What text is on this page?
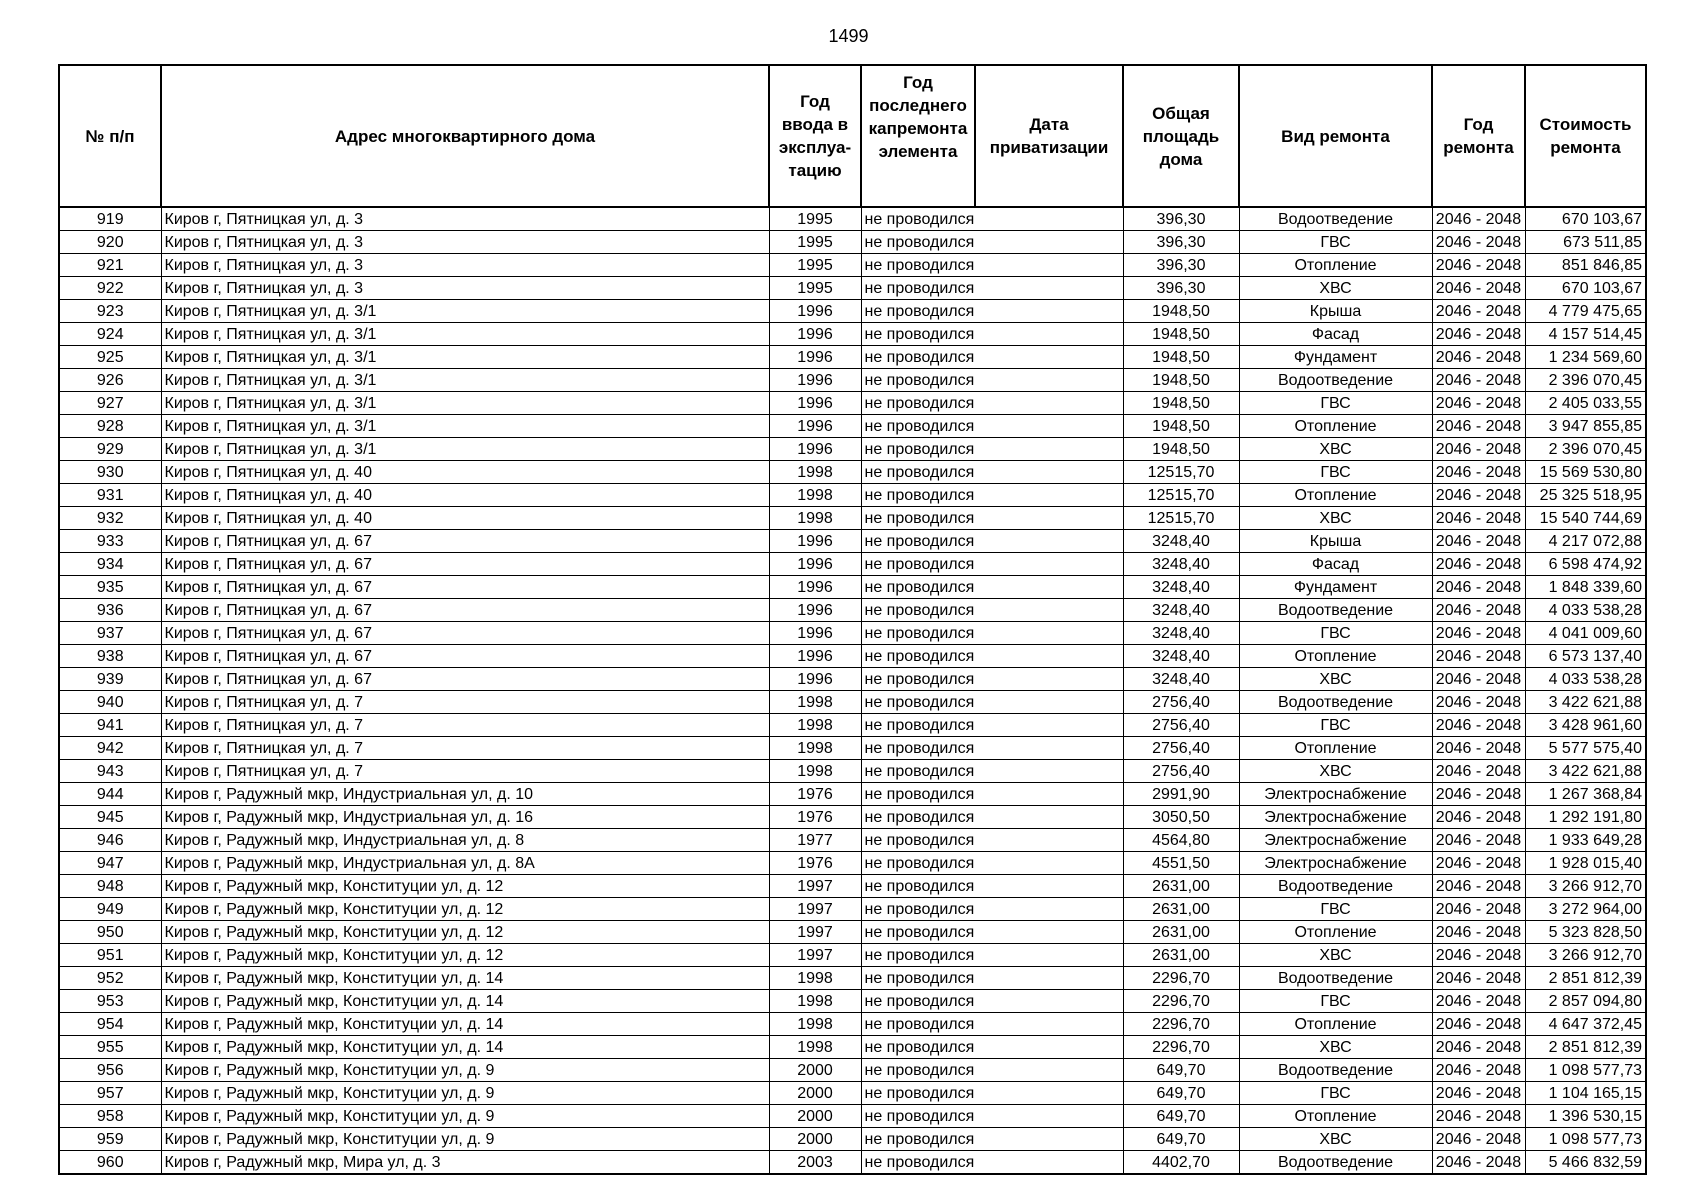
1499
№ п/п	Адрес многоквартирного дома	Год ввода в эксплуа-тацию	Год последнего капремонта элемента	Дата приватизации	Общая площадь дома	Вид ремонта	Год ремонта	Стоимость ремонта
919	Киров г, Пятницкая ул, д. 3	1995	не проводился		396,30	Водоотведение	2046 - 2048	670 103,67
920	Киров г, Пятницкая ул, д. 3	1995	не проводился		396,30	ГВС	2046 - 2048	673 511,85
921	Киров г, Пятницкая ул, д. 3	1995	не проводился		396,30	Отопление	2046 - 2048	851 846,85
922	Киров г, Пятницкая ул, д. 3	1995	не проводился		396,30	ХВС	2046 - 2048	670 103,67
923	Киров г, Пятницкая ул, д. 3/1	1996	не проводился		1948,50	Крыша	2046 - 2048	4 779 475,65
924	Киров г, Пятницкая ул, д. 3/1	1996	не проводился		1948,50	Фасад	2046 - 2048	4 157 514,45
925	Киров г, Пятницкая ул, д. 3/1	1996	не проводился		1948,50	Фундамент	2046 - 2048	1 234 569,60
926	Киров г, Пятницкая ул, д. 3/1	1996	не проводился		1948,50	Водоотведение	2046 - 2048	2 396 070,45
927	Киров г, Пятницкая ул, д. 3/1	1996	не проводился		1948,50	ГВС	2046 - 2048	2 405 033,55
928	Киров г, Пятницкая ул, д. 3/1	1996	не проводился		1948,50	Отопление	2046 - 2048	3 947 855,85
929	Киров г, Пятницкая ул, д. 3/1	1996	не проводился		1948,50	ХВС	2046 - 2048	2 396 070,45
930	Киров г, Пятницкая ул, д. 40	1998	не проводился		12515,70	ГВС	2046 - 2048	15 569 530,80
931	Киров г, Пятницкая ул, д. 40	1998	не проводился		12515,70	Отопление	2046 - 2048	25 325 518,95
932	Киров г, Пятницкая ул, д. 40	1998	не проводился		12515,70	ХВС	2046 - 2048	15 540 744,69
933	Киров г, Пятницкая ул, д. 67	1996	не проводился		3248,40	Крыша	2046 - 2048	4 217 072,88
934	Киров г, Пятницкая ул, д. 67	1996	не проводился		3248,40	Фасад	2046 - 2048	6 598 474,92
935	Киров г, Пятницкая ул, д. 67	1996	не проводился		3248,40	Фундамент	2046 - 2048	1 848 339,60
936	Киров г, Пятницкая ул, д. 67	1996	не проводился		3248,40	Водоотведение	2046 - 2048	4 033 538,28
937	Киров г, Пятницкая ул, д. 67	1996	не проводился		3248,40	ГВС	2046 - 2048	4 041 009,60
938	Киров г, Пятницкая ул, д. 67	1996	не проводился		3248,40	Отопление	2046 - 2048	6 573 137,40
939	Киров г, Пятницкая ул, д. 67	1996	не проводился		3248,40	ХВС	2046 - 2048	4 033 538,28
940	Киров г, Пятницкая ул, д. 7	1998	не проводился		2756,40	Водоотведение	2046 - 2048	3 422 621,88
941	Киров г, Пятницкая ул, д. 7	1998	не проводился		2756,40	ГВС	2046 - 2048	3 428 961,60
942	Киров г, Пятницкая ул, д. 7	1998	не проводился		2756,40	Отопление	2046 - 2048	5 577 575,40
943	Киров г, Пятницкая ул, д. 7	1998	не проводился		2756,40	ХВС	2046 - 2048	3 422 621,88
944	Киров г, Радужный мкр, Индустриальная ул, д. 10	1976	не проводился		2991,90	Электроснабжение	2046 - 2048	1 267 368,84
945	Киров г, Радужный мкр, Индустриальная ул, д. 16	1976	не проводился		3050,50	Электроснабжение	2046 - 2048	1 292 191,80
946	Киров г, Радужный мкр, Индустриальная ул, д. 8	1977	не проводился		4564,80	Электроснабжение	2046 - 2048	1 933 649,28
947	Киров г, Радужный мкр, Индустриальная ул, д. 8А	1976	не проводился		4551,50	Электроснабжение	2046 - 2048	1 928 015,40
948	Киров г, Радужный мкр, Конституции ул, д. 12	1997	не проводился		2631,00	Водоотведение	2046 - 2048	3 266 912,70
949	Киров г, Радужный мкр, Конституции ул, д. 12	1997	не проводился		2631,00	ГВС	2046 - 2048	3 272 964,00
950	Киров г, Радужный мкр, Конституции ул, д. 12	1997	не проводился		2631,00	Отопление	2046 - 2048	5 323 828,50
951	Киров г, Радужный мкр, Конституции ул, д. 12	1997	не проводился		2631,00	ХВС	2046 - 2048	3 266 912,70
952	Киров г, Радужный мкр, Конституции ул, д. 14	1998	не проводился		2296,70	Водоотведение	2046 - 2048	2 851 812,39
953	Киров г, Радужный мкр, Конституции ул, д. 14	1998	не проводился		2296,70	ГВС	2046 - 2048	2 857 094,80
954	Киров г, Радужный мкр, Конституции ул, д. 14	1998	не проводился		2296,70	Отопление	2046 - 2048	4 647 372,45
955	Киров г, Радужный мкр, Конституции ул, д. 14	1998	не проводился		2296,70	ХВС	2046 - 2048	2 851 812,39
956	Киров г, Радужный мкр, Конституции ул, д. 9	2000	не проводился		649,70	Водоотведение	2046 - 2048	1 098 577,73
957	Киров г, Радужный мкр, Конституции ул, д. 9	2000	не проводился		649,70	ГВС	2046 - 2048	1 104 165,15
958	Киров г, Радужный мкр, Конституции ул, д. 9	2000	не проводился		649,70	Отопление	2046 - 2048	1 396 530,15
959	Киров г, Радужный мкр, Конституции ул, д. 9	2000	не проводился		649,70	ХВС	2046 - 2048	1 098 577,73
960	Киров г, Радужный мкр, Мира ул, д. 3	2003	не проводился		4402,70	Водоотведение	2046 - 2048	5 466 832,59
